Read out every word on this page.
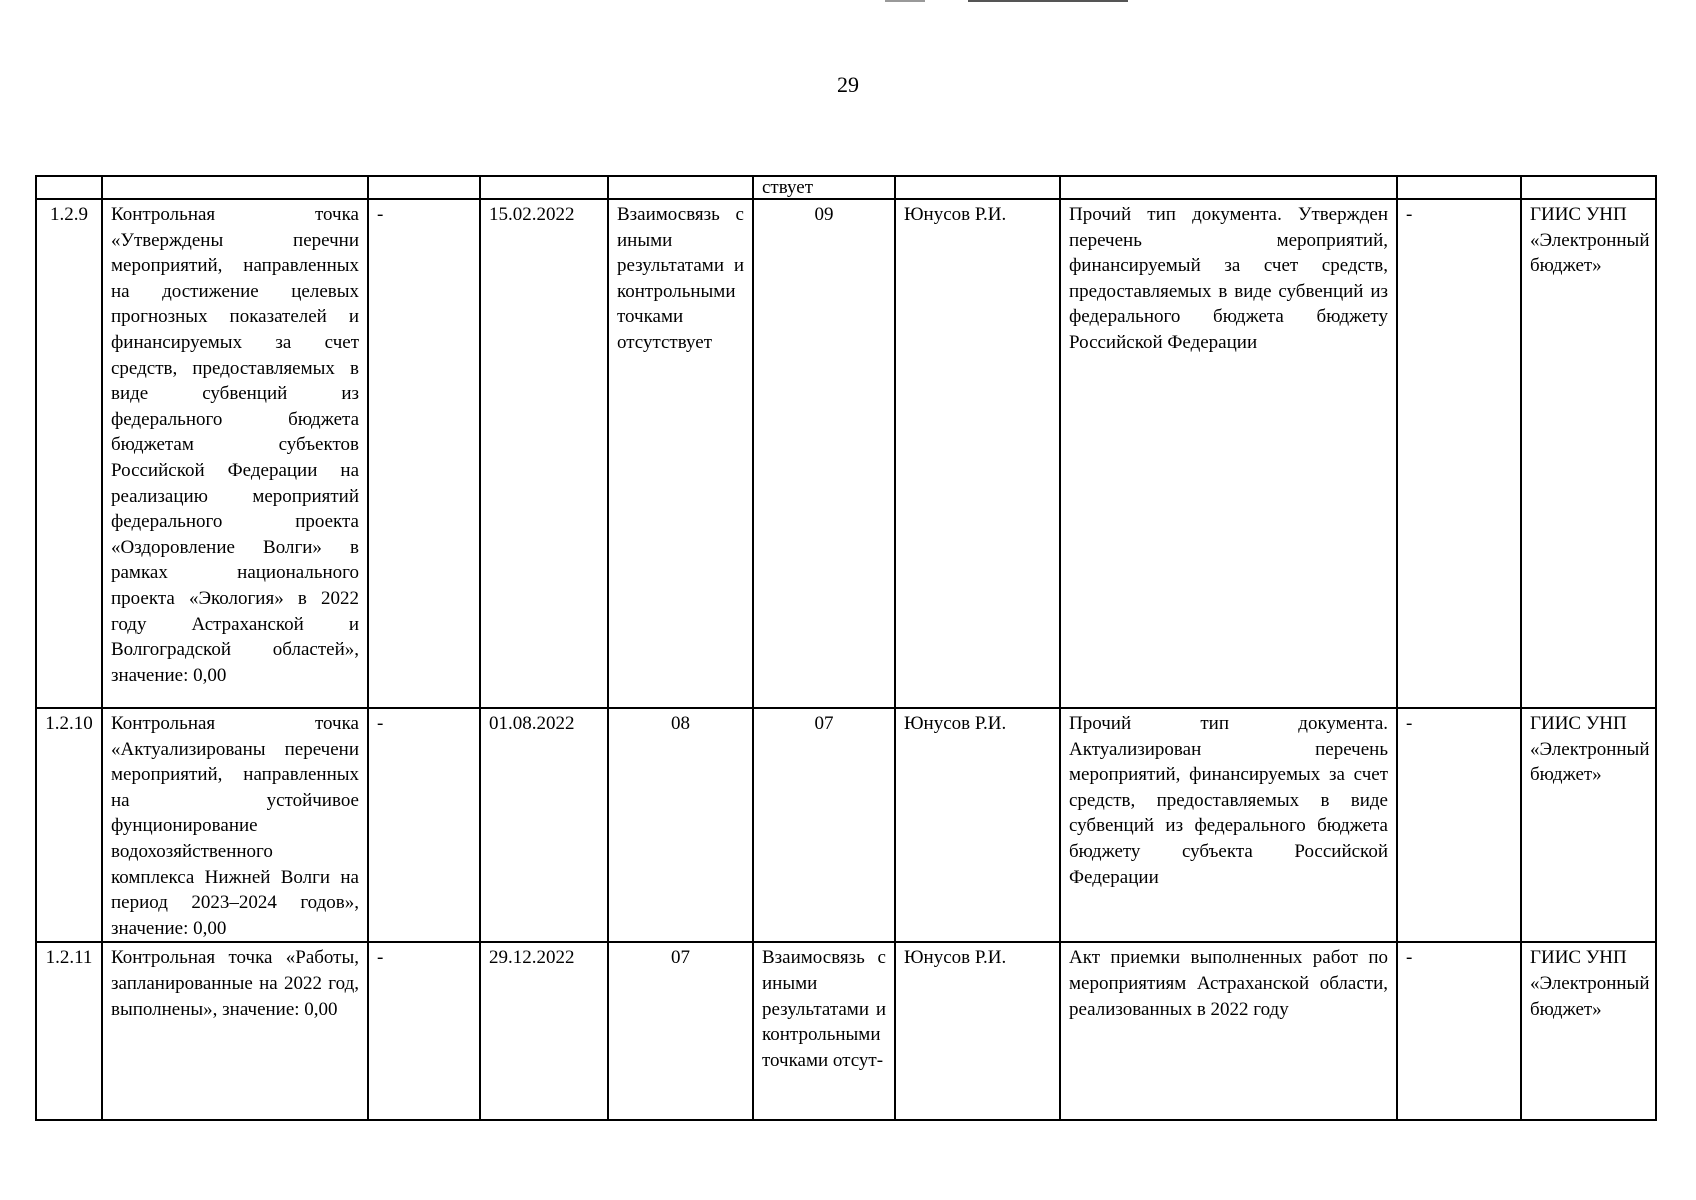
29
					ствует				
1.2.9	Контрольная точка «Утверждены перечни мероприятий, направленных на достижение целевых прогнозных показателей и финансируемых за счет средств, предоставляемых в виде субвенций из федерального бюджета бюджетам субъектов Российской Федерации на реализацию мероприятий федерального проекта «Оздоровление Волги» в рамках национального проекта «Экология» в 2022 году Астраханской и Волгоградской областей», значение: 0,00	-	15.02.2022	Взаимосвязь с иными результатами и контрольными точками отсутствует	09	Юнусов Р.И.	Прочий тип документа. Утвержден перечень мероприятий, финансируемый за счет средств, предоставляемых в виде субвенций из федерального бюджета бюджету Российской Федерации	-	ГИИС УНП «Электронный бюджет»
1.2.10	Контрольная точка «Актуализированы перечени мероприятий, направленных на устойчивое фунционирование водохозяйственного комплекса Нижней Волги на период 2023–2024 годов», значение: 0,00	-	01.08.2022	08	07	Юнусов Р.И.	Прочий тип документа. Актуализирован перечень мероприятий, финансируемых за счет средств, предоставляемых в виде субвенций из федерального бюджета бюджету субъекта Российской Федерации	-	ГИИС УНП «Электронный бюджет»
1.2.11	Контрольная точка «Работы, запланированные на 2022 год, выполнены», значение: 0,00	-	29.12.2022	07	Взаимосвязь с иными результатами и контрольными точками отсут-	Юнусов Р.И.	Акт приемки выполненных работ по мероприятиям Астраханской области, реализованных в 2022 году	-	ГИИС УНП «Электронный бюджет»
